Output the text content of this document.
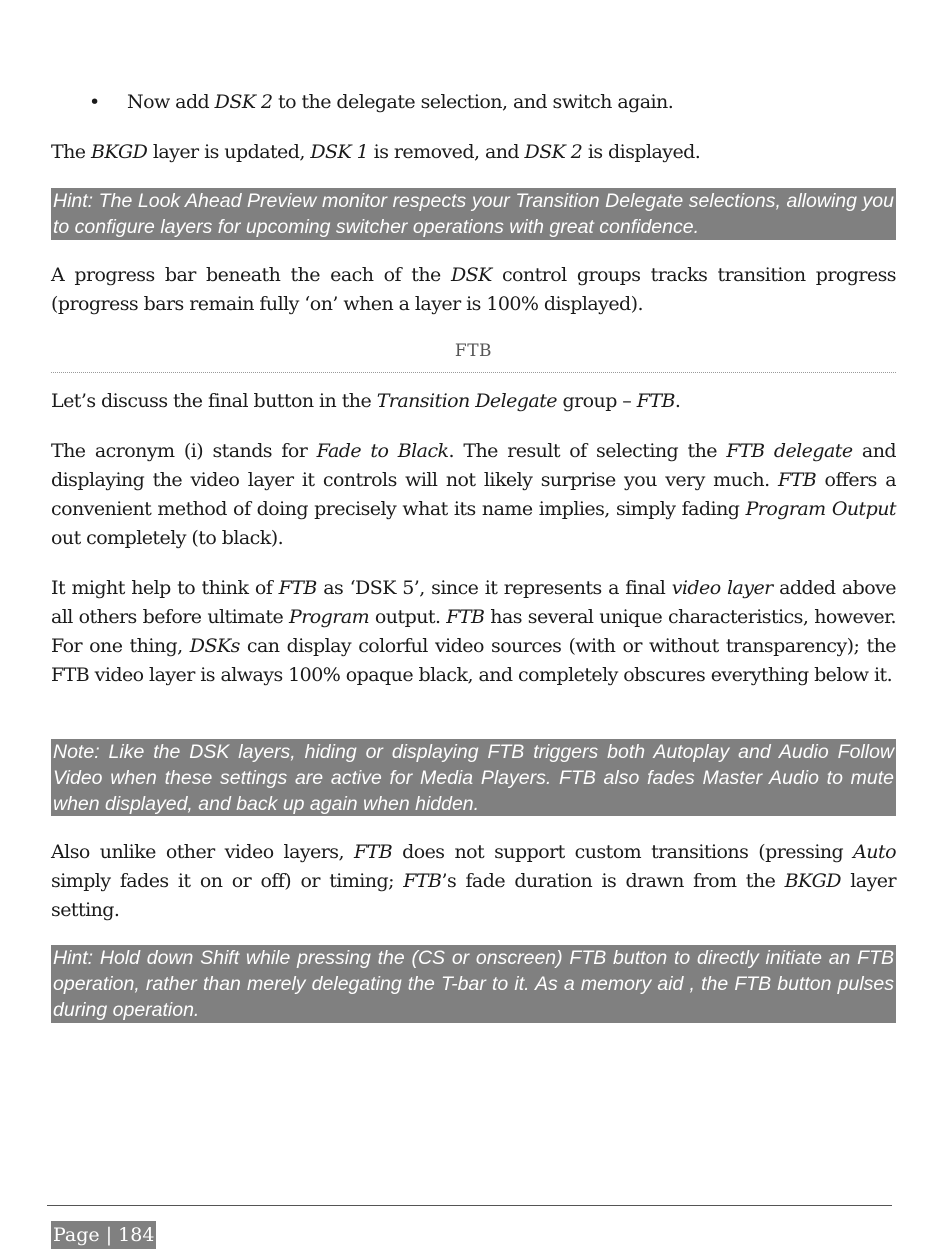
• Now add DSK 2 to the delegate selection, and switch again.

The BKGD layer is updated, DSK 1 is removed, and DSK 2 is displayed.

Hint: The Look Ahead Preview monitor respects your Transition Delegate selections, allowing you to configure layers for upcoming switcher operations with great confidence.

A progress bar beneath the each of the DSK control groups tracks transition progress (progress bars remain fully ‘on’ when a layer is 100% displayed).

FTB

Let’s discuss the final button in the Transition Delegate group – FTB.

The acronym (i) stands for Fade to Black. The result of selecting the FTB delegate and displaying the video layer it controls will not likely surprise you very much. FTB offers a convenient method of doing precisely what its name implies, simply fading Program Output out completely (to black).

It might help to think of FTB as ‘DSK 5’, since it represents a final video layer added above all others before ultimate Program output. FTB has several unique characteristics, however. For one thing, DSKs can display colorful video sources (with or without transparency); the FTB video layer is always 100% opaque black, and completely obscures everything below it.

Note: Like the DSK layers, hiding or displaying FTB triggers both Autoplay and Audio Follow Video when these settings are active for Media Players. FTB also fades Master Audio to mute when displayed, and back up again when hidden.

Also unlike other video layers, FTB does not support custom transitions (pressing Auto simply fades it on or off) or timing; FTB’s fade duration is drawn from the BKGD layer setting.

Hint: Hold down Shift while pressing the (CS or onscreen) FTB button to directly initiate an FTB operation, rather than merely delegating the T-bar to it. As a memory aid , the FTB button pulses during operation.
Page | 184
